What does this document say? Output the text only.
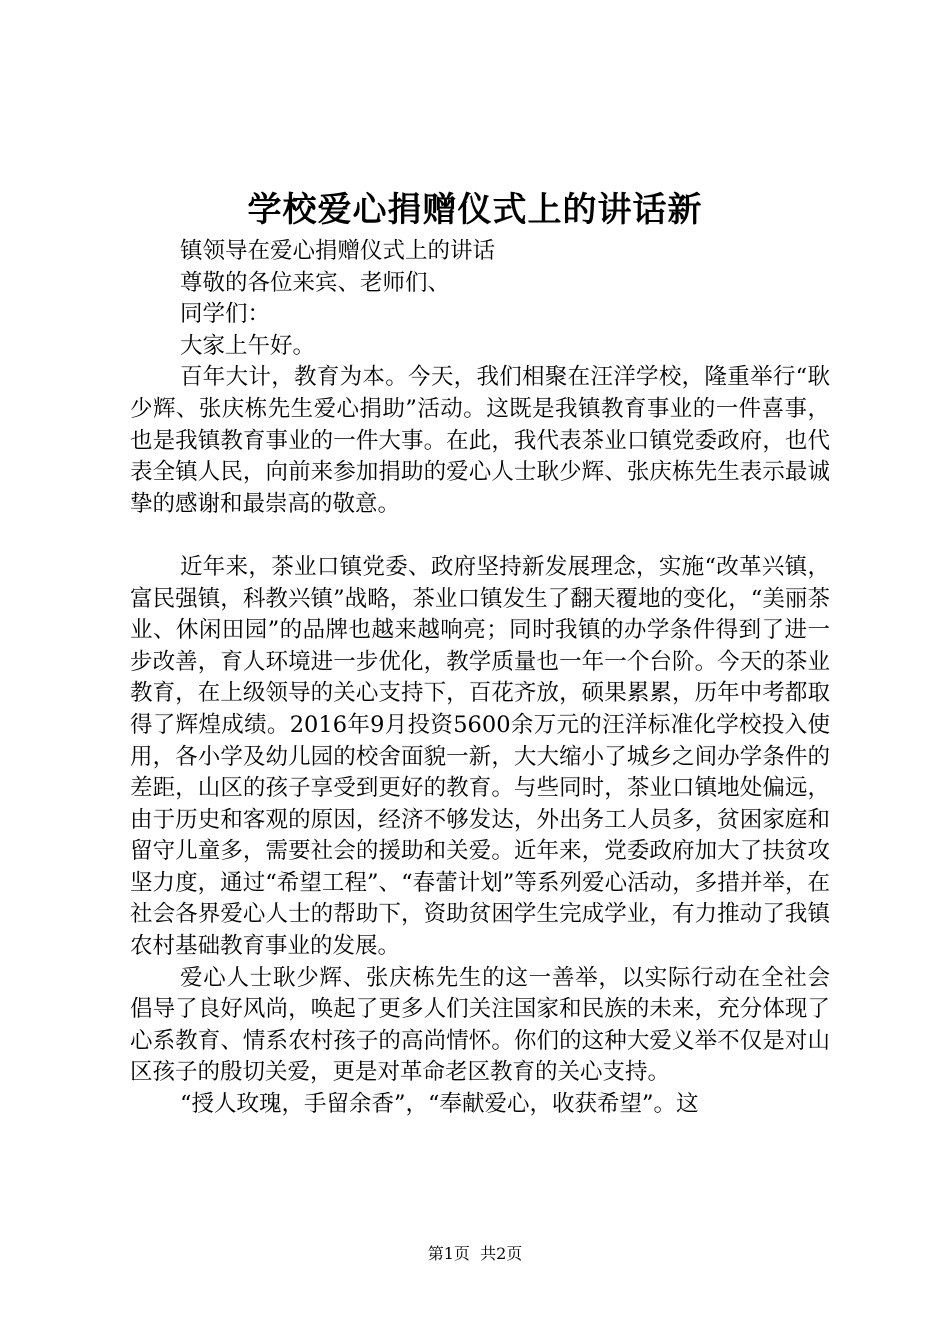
学校爱心捐赠仪式上的讲话新

镇领导在爱心捐赠仪式上的讲话

尊敬的各位来宾、老师们、

同学们：

大家上午好。

百年大计，教育为本。今天，我们相聚在汪洋学校，隆重举行“耿少辉、张庆栋先生爱心捐助”活动。这既是我镇教育事业的一件喜事，也是我镇教育事业的一件大事。在此，我代表茶业口镇党委政府，也代表全镇人民，向前来参加捐助的爱心人士耿少辉、张庆栋先生表示最诚挚的感谢和最崇高的敬意。

近年来，茶业口镇党委、政府坚持新发展理念，实施“改革兴镇，富民强镇，科教兴镇”战略，茶业口镇发生了翻天覆地的变化，“美丽茶业、休闲田园”的品牌也越来越响亮；同时我镇的办学条件得到了进一步改善，育人环境进一步优化，教学质量也一年一个台阶。今天的茶业教育，在上级领导的关心支持下，百花齐放，硕果累累，历年中考都取得了辉煌成绩。2016年9月投资5600余万元的汪洋标准化学校投入使用，各小学及幼儿园的校舍面貌一新，大大缩小了城乡之间办学条件的差距，山区的孩子享受到更好的教育。与些同时，茶业口镇地处偏远，由于历史和客观的原因，经济不够发达，外出务工人员多，贫困家庭和留守儿童多，需要社会的援助和关爱。近年来，党委政府加大了扶贫攻坚力度，通过“希望工程”、“春蕾计划”等系列爱心活动，多措并举，在社会各界爱心人士的帮助下，资助贫困学生完成学业，有力推动了我镇农村基础教育事业的发展。

爱心人士耿少辉、张庆栋先生的这一善举，以实际行动在全社会倡导了良好风尚，唤起了更多人们关注国家和民族的未来，充分体现了心系教育、情系农村孩子的高尚情怀。你们的这种大爱义举不仅是对山区孩子的殷切关爱，更是对革命老区教育的关心支持。

“授人玫瑰，手留余香”，“奉献爱心，收获希望”。这

第1页  共2页
